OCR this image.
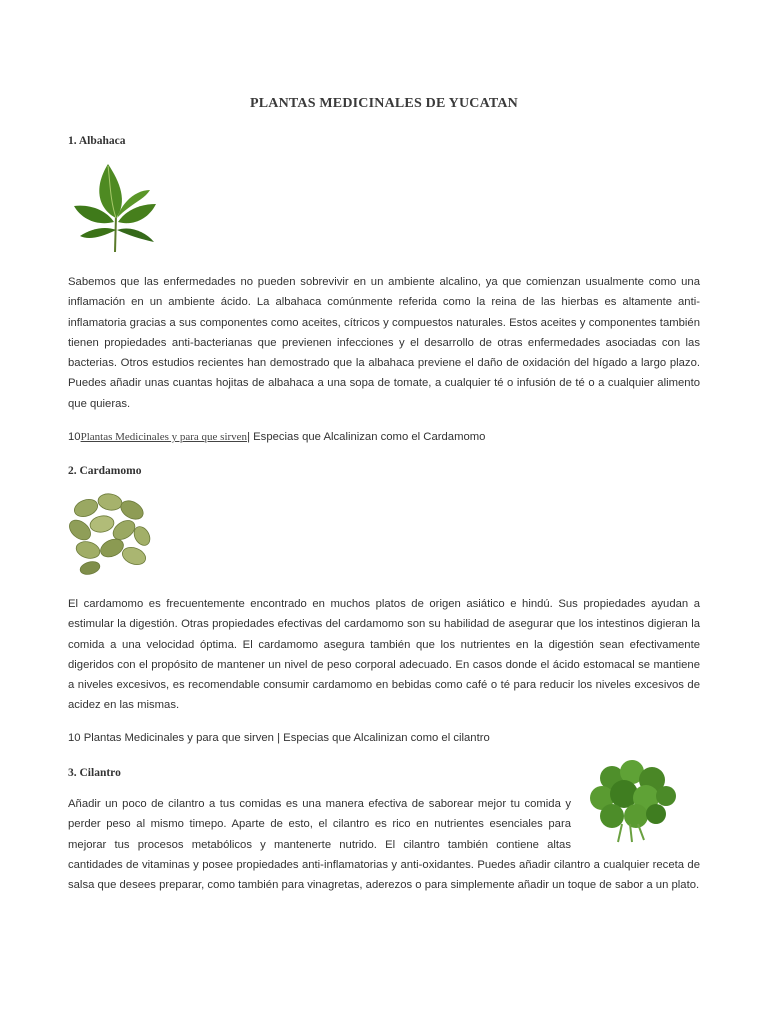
PLANTAS MEDICINALES DE YUCATAN
1. Albahaca
Sabemos que las enfermedades no pueden sobrevivir en un ambiente alcalino, ya que comienzan usualmente como una
inflamación en un ambiente ácido. La albahaca comúnmente referida como la reina de las hierbas es altamente anti-
inflamatoria gracias a sus componentes como aceites, cítricos y compuestos naturales. Estos aceites y componentes también
tienen propiedades anti-bacterianas que previenen infecciones y el desarrollo de otras enfermedades asociadas con las
bacterias. Otros estudios recientes han demostrado que la albahaca previene el daño de oxidación del hígado a largo plazo.
Puedes añadir unas cuantas hojitas de albahaca a una sopa de tomate, a cualquier té o infusión de té o a cualquier alimento
que quieras.
10Plantas Medicinales y para que sirven| Especias que Alcalinizan como el Cardamomo
2. Cardamomo
El cardamomo es frecuentemente encontrado en muchos platos de origen asiático e hindú. Sus propiedades ayudan a
estimular la digestión. Otras propiedades efectivas del cardamomo son su habilidad de asegurar que los intestinos digieran la
comida a una velocidad óptima. El cardamomo asegura también que los nutrientes en la digestión sean efectivamente
digeridos con el propósito de mantener un nivel de peso corporal adecuado. En casos donde el ácido estomacal se mantiene
a niveles excesivos, es recomendable consumir cardamomo en bebidas como café o té para reducir los niveles excesivos de
acidez en las mismas.
10 Plantas Medicinales y para que sirven | Especias que Alcalinizan como el cilantro
3. Cilantro
Añadir un poco de cilantro a tus comidas es una manera efectiva de saborear mejor tu comida y
perder peso al mismo timepo. Aparte de esto, el cilantro es rico en nutrientes esenciales para
mejorar tus procesos metabólicos y mantenerte nutrido. El cilantro también contiene altas
cantidades de vitaminas y posee propiedades anti-inflamatorias y anti-oxidantes. Puedes añadir cilantro a cualquier receta de
salsa que desees preparar, como también para vinagretas, aderezos o para simplemente añadir un toque de sabor a un plato.
